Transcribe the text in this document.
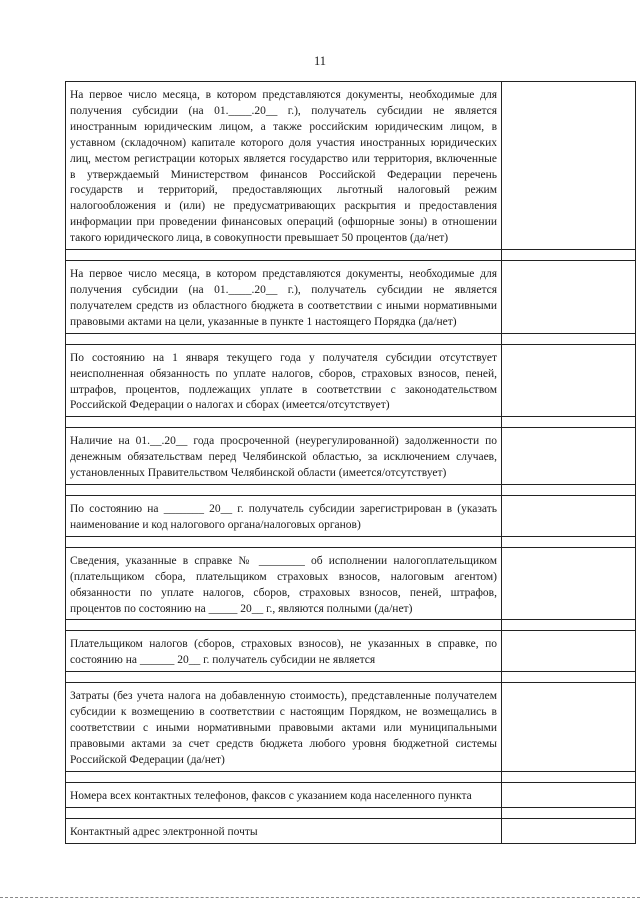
11
На первое число месяца, в котором представляются документы, необходимые для получения субсидии (на 01.____.20__ г.), получатель субсидии не является иностранным юридическим лицом, а также российским юридическим лицом, в уставном (складочном) капитале которого доля участия иностранных юридических лиц, местом регистрации которых является государство или территория, включенные в утверждаемый Министерством финансов Российской Федерации перечень государств и территорий, предоставляющих льготный налоговый режим налогообложения и (или) не предусматривающих раскрытия и предоставления информации при проведении финансовых операций (офшорные зоны) в отношении такого юридического лица, в совокупности превышает 50 процентов (да/нет)	

На первое число месяца, в котором представляются документы, необходимые для получения субсидии (на 01.____.20__ г.), получатель субсидии не является получателем средств из областного бюджета в соответствии с иными нормативными правовыми актами на цели, указанные в пункте 1 настоящего Порядка (да/нет)	

По состоянию на 1 января текущего года у получателя субсидии отсутствует неисполненная обязанность по уплате налогов, сборов, страховых взносов, пеней, штрафов, процентов, подлежащих уплате в соответствии с законодательством Российской Федерации о налогах и сборах (имеется/отсутствует)	

Наличие на 01.__.20__ года просроченной (неурегулированной) задолженности по денежным обязательствам перед Челябинской областью, за исключением случаев, установленных Правительством Челябинской области (имеется/отсутствует)	

По состоянию на _______ 20__ г. получатель субсидии зарегистрирован в (указать наименование и код налогового органа/налоговых органов)	

Сведения, указанные в справке № ________ об исполнении налогоплательщиком (плательщиком сбора, плательщиком страховых взносов, налоговым агентом) обязанности по уплате налогов, сборов, страховых взносов, пеней, штрафов, процентов по состоянию на _____ 20__ г., являются полными (да/нет)	

Плательщиком налогов (сборов, страховых взносов), не указанных в справке, по состоянию на ______ 20__ г. получатель субсидии не является	

Затраты (без учета налога на добавленную стоимость), представленные получателем субсидии к возмещению в соответствии с настоящим Порядком, не возмещались в соответствии с иными нормативными правовыми актами или муниципальными правовыми актами за счет средств бюджета любого уровня бюджетной системы Российской Федерации (да/нет)	

Номера всех контактных телефонов, факсов с указанием кода населенного пункта	

Контактный адрес электронной почты	
